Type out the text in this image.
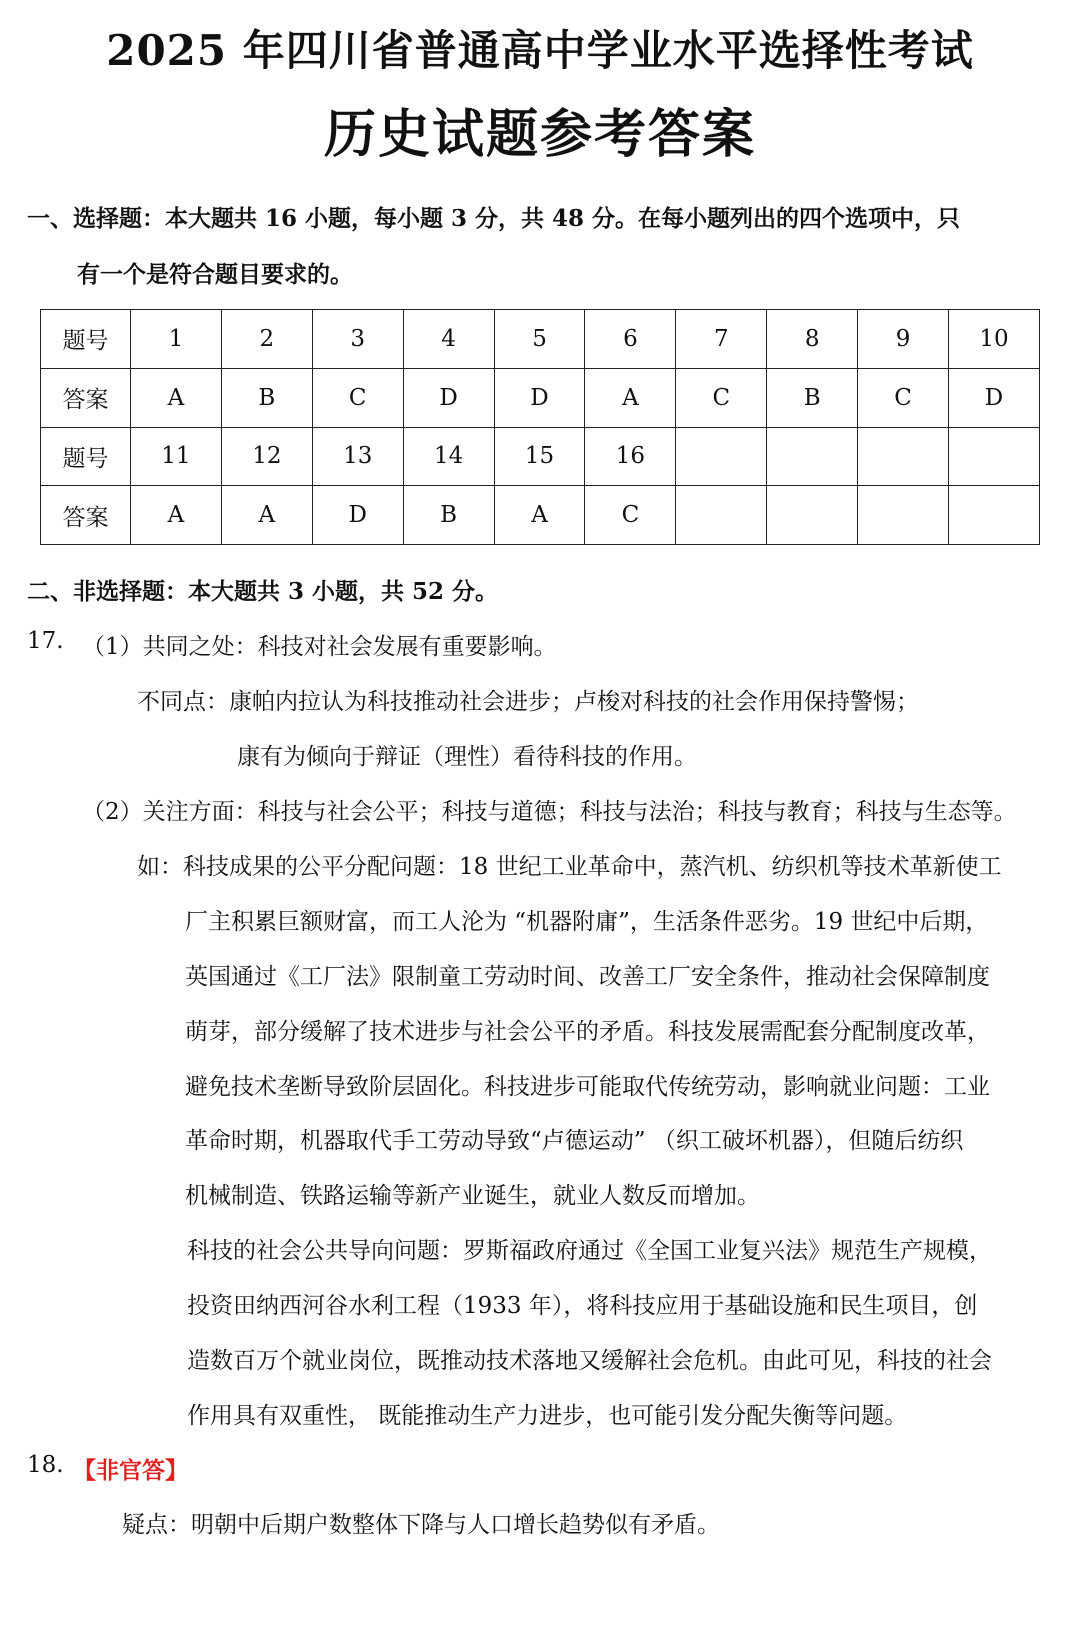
2025 年四川省普通高中学业水平选择性考试
历史试题参考答案
一、选择题：本大题共 16 小题，每小题 3 分，共 48 分。在每小题列出的四个选项中，只
有一个是符合题目要求的。
题号	1	2	3	4	5	6	7	8	9	10
答案	A	B	C	D	D	A	C	B	C	D
题号	11	12	13	14	15	16				
答案	A	A	D	B	A	C				
二、非选择题：本大题共 3 小题，共 52 分。
17. （1）共同之处：科技对社会发展有重要影响。
不同点：康帕内拉认为科技推动社会进步；卢梭对科技的社会作用保持警惕；
康有为倾向于辩证（理性）看待科技的作用。
（2）关注方面：科技与社会公平；科技与道德；科技与法治；科技与教育；科技与生态等。
如：科技成果的公平分配问题：18 世纪工业革命中，蒸汽机、纺织机等技术革新使工
厂主积累巨额财富，而工人沦为 “机器附庸”，生活条件恶劣。19 世纪中后期，
英国通过《工厂法》限制童工劳动时间、改善工厂安全条件，推动社会保障制度
萌芽，部分缓解了技术进步与社会公平的矛盾。科技发展需配套分配制度改革，
避免技术垄断导致阶层固化。科技进步可能取代传统劳动，影响就业问题：工业
革命时期，机器取代手工劳动导致“卢德运动” （织工破坏机器），但随后纺织
机械制造、铁路运输等新产业诞生，就业人数反而增加。
科技的社会公共导向问题：罗斯福政府通过《全国工业复兴法》规范生产规模，
投资田纳西河谷水利工程（1933 年），将科技应用于基础设施和民生项目，创
造数百万个就业岗位，既推动技术落地又缓解社会危机。由此可见，科技的社会
作用具有双重性， 既能推动生产力进步，也可能引发分配失衡等问题。
18. 【非官答】
疑点：明朝中后期户数整体下降与人口增长趋势似有矛盾。
